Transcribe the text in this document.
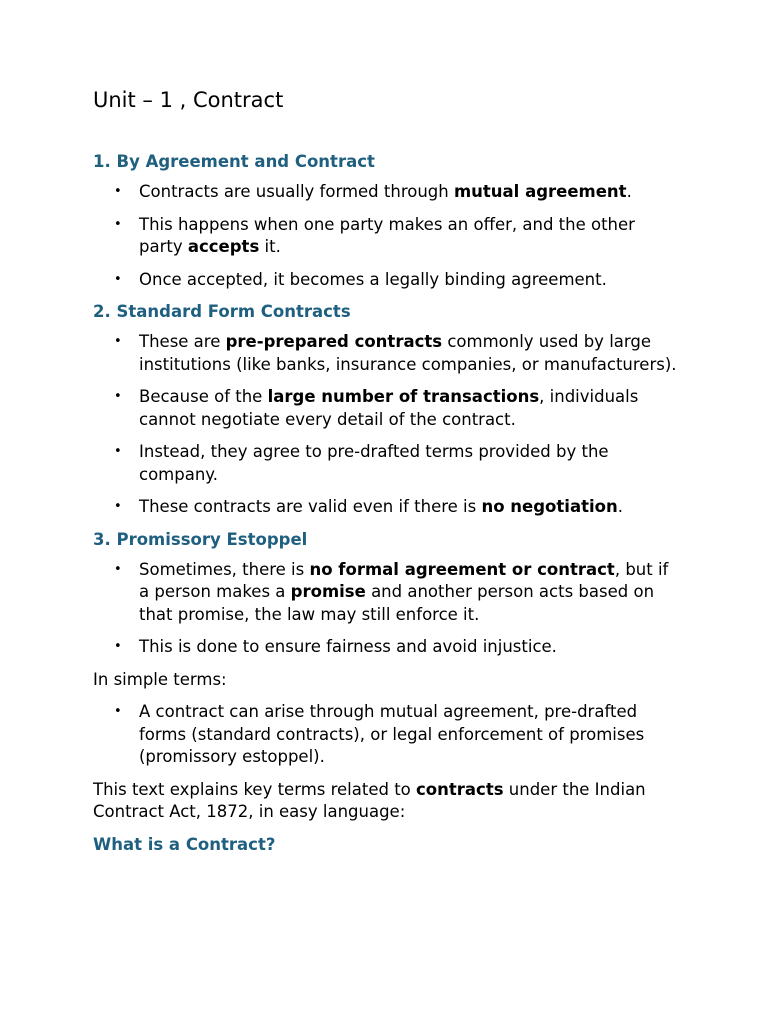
Unit – 1 , Contract
1. By Agreement and Contract
• Contracts are usually formed through mutual agreement.
• This happens when one party makes an offer, and the other party accepts it.
• Once accepted, it becomes a legally binding agreement.
2. Standard Form Contracts
• These are pre-prepared contracts commonly used by large institutions (like banks, insurance companies, or manufacturers).
• Because of the large number of transactions, individuals cannot negotiate every detail of the contract.
• Instead, they agree to pre-drafted terms provided by the company.
• These contracts are valid even if there is no negotiation.
3. Promissory Estoppel
• Sometimes, there is no formal agreement or contract, but if a person makes a promise and another person acts based on that promise, the law may still enforce it.
• This is done to ensure fairness and avoid injustice.

In simple terms:

• A contract can arise through mutual agreement, pre-drafted forms (standard contracts), or legal enforcement of promises (promissory estoppel).

This text explains key terms related to contracts under the Indian Contract Act, 1872, in easy language:

What is a Contract?
